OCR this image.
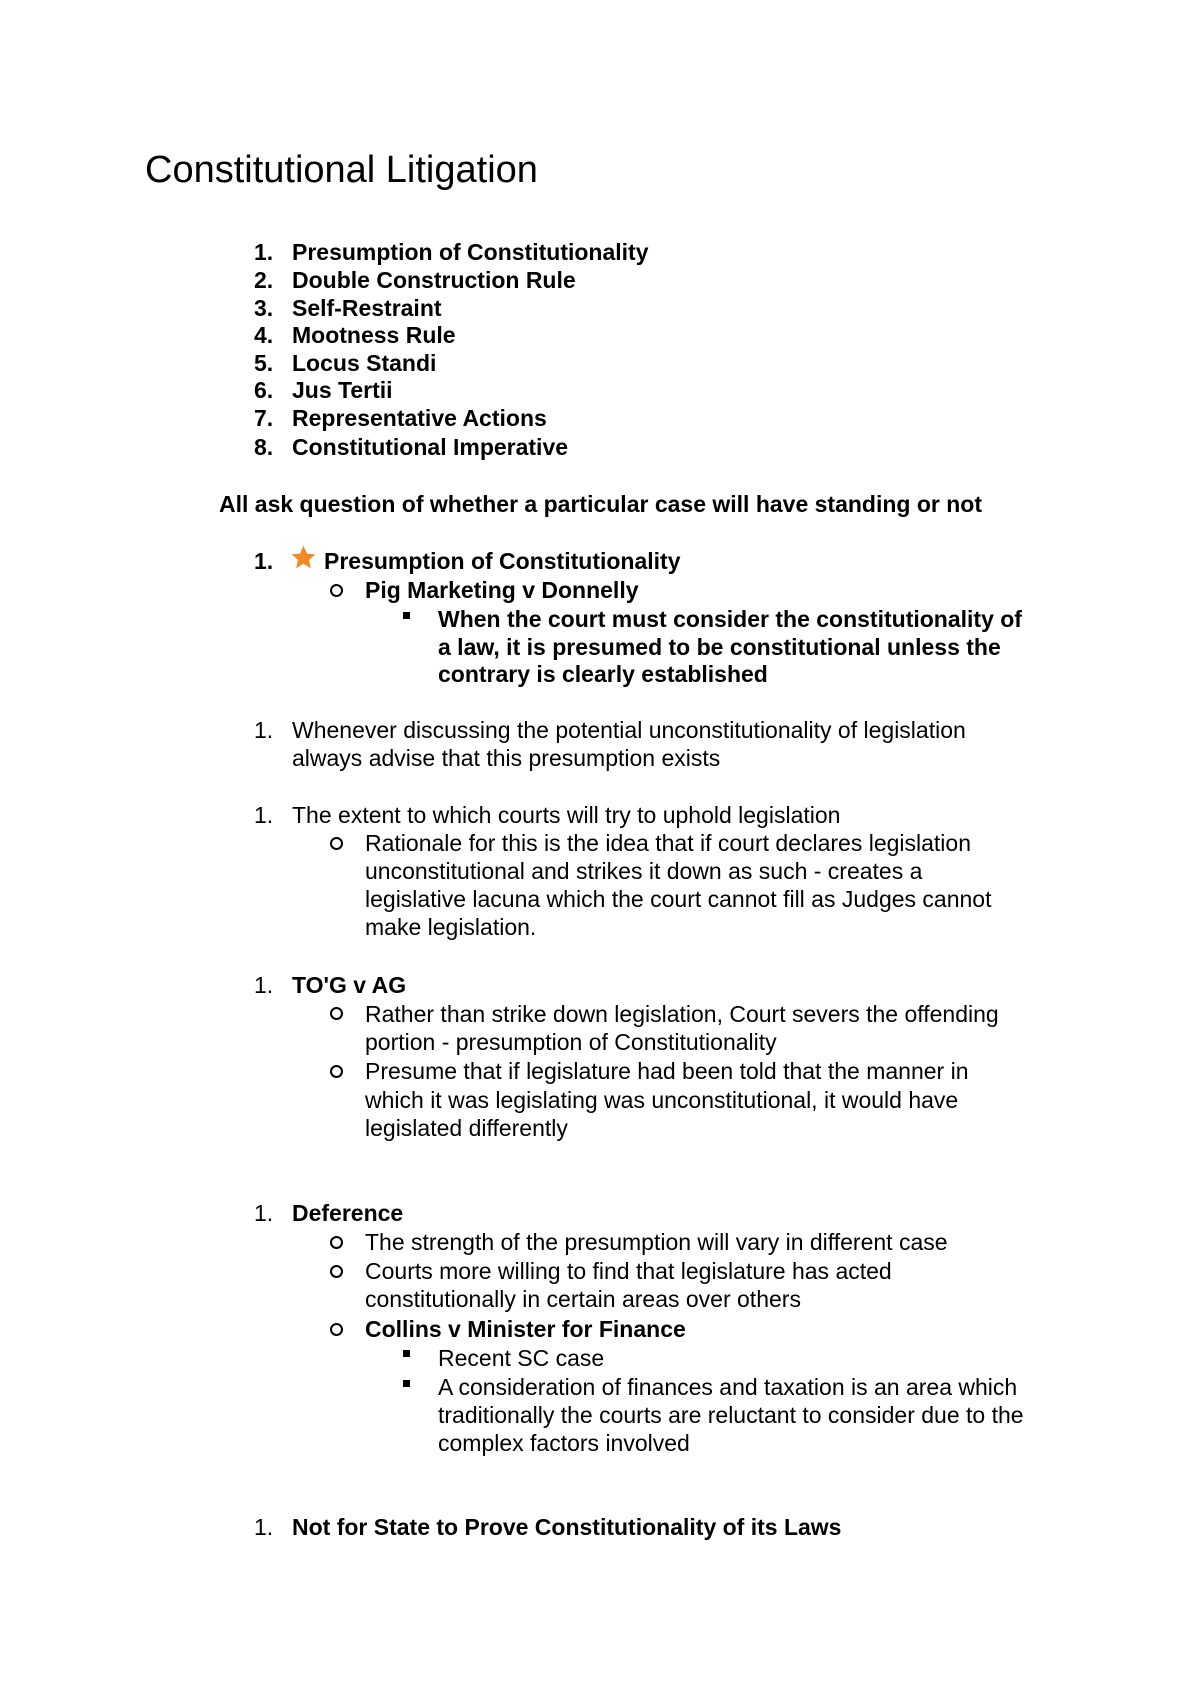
Constitutional Litigation
1. Presumption of Constitutionality
2. Double Construction Rule
3. Self-Restraint
4. Mootness Rule
5. Locus Standi
6. Jus Tertii
7. Representative Actions
8. Constitutional Imperative
All ask question of whether a particular case will have standing or not
1. Presumption of Constitutionality
Pig Marketing v Donnelly
When the court must consider the constitutionality of
a law, it is presumed to be constitutional unless the
contrary is clearly established
1. Whenever discussing the potential unconstitutionality of legislation
always advise that this presumption exists
1. The extent to which courts will try to uphold legislation
Rationale for this is the idea that if court declares legislation
unconstitutional and strikes it down as such - creates a
legislative lacuna which the court cannot fill as Judges cannot
make legislation.
1. TO'G v AG
Rather than strike down legislation, Court severs the offending
portion - presumption of Constitutionality
Presume that if legislature had been told that the manner in
which it was legislating was unconstitutional, it would have
legislated differently
1. Deference
The strength of the presumption will vary in different case
Courts more willing to find that legislature has acted
constitutionally in certain areas over others
Collins v Minister for Finance
Recent SC case
A consideration of finances and taxation is an area which
traditionally the courts are reluctant to consider due to the
complex factors involved
1. Not for State to Prove Constitutionality of its Laws
